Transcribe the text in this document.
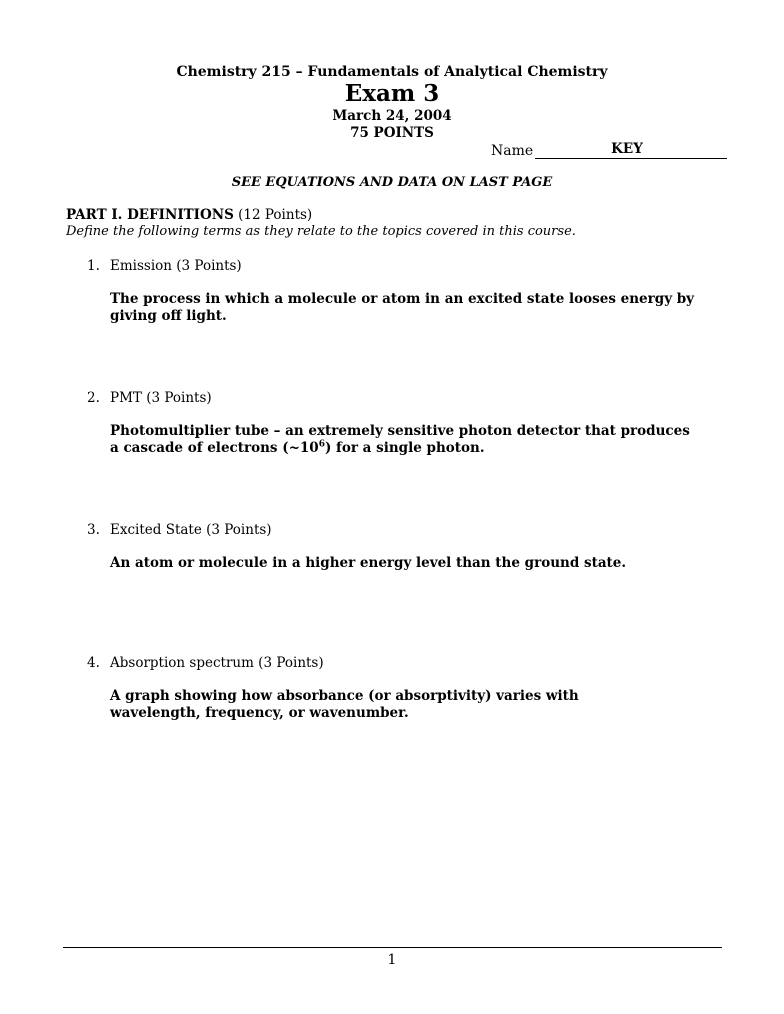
Chemistry 215 – Fundamentals of Analytical Chemistry
Exam 3
March 24, 2004
75 POINTS
Name	KEY
SEE EQUATIONS AND DATA ON LAST PAGE
PART I. DEFINITIONS (12 Points)
Define the following terms as they relate to the topics covered in this course.
1. Emission (3 Points)
The process in which a molecule or atom in an excited state looses energy by giving off light.
2. PMT (3 Points)
Photomultiplier tube – an extremely sensitive photon detector that produces a cascade of electrons $(\sim 10^6)$ for a single photon.
3. Excited State (3 Points)
An atom or molecule in a higher energy level than the ground state.
4. Absorption spectrum (3 Points)
A graph showing how absorbance (or absorptivity) varies with wavelength, frequency, or wavenumber.
1
